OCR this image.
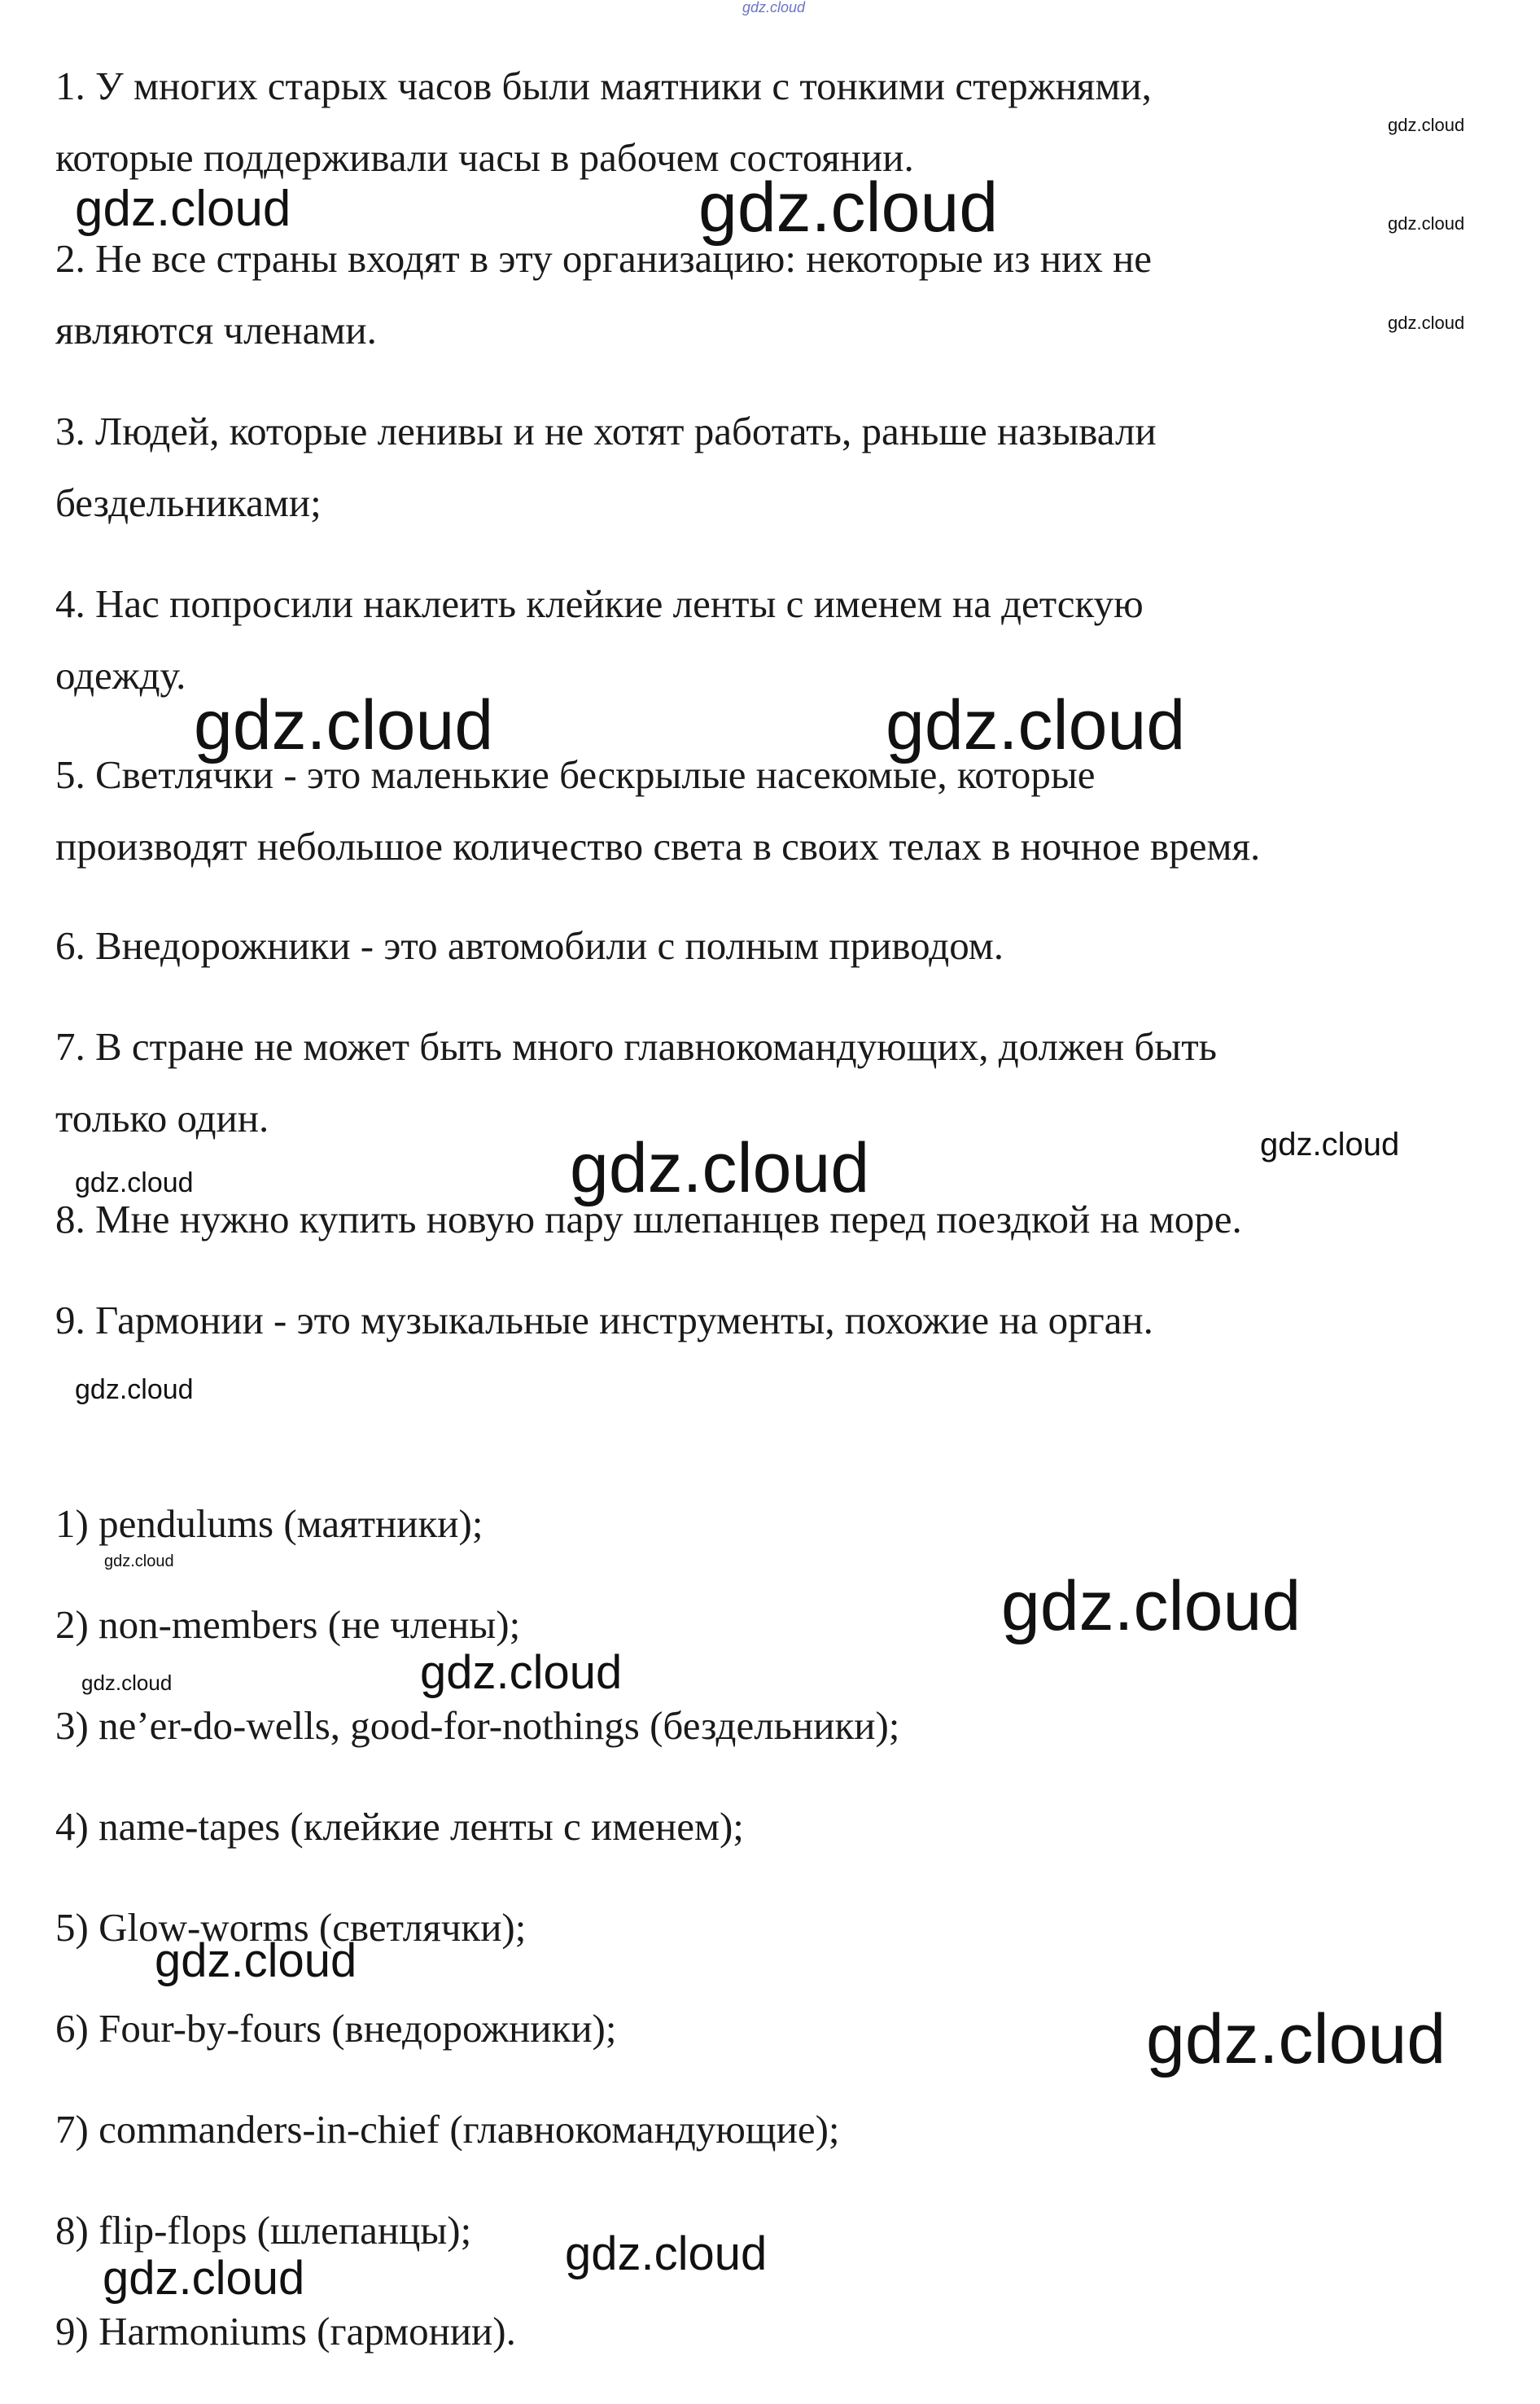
1. У многих старых часов были маятники с тонкими стержнями,
которые поддерживали часы в рабочем состоянии.

2. Не все страны входят в эту организацию: некоторые из них не
являются членами.

3. Людей, которые ленивы и не хотят работать, раньше называли
бездельниками;

4. Нас попросили наклеить клейкие ленты с именем на детскую
одежду.

5. Светлячки - это маленькие бескрылые насекомые, которые
производят небольшое количество света в своих телах в ночное время.

6. Внедорожники - это автомобили с полным приводом.

7. В стране не может быть много главнокомандующих, должен быть
только один.

8. Мне нужно купить новую пару шлепанцев перед поездкой на море.

9. Гармонии - это музыкальные инструменты, похожие на орган.

1) pendulums (маятники);

2) non-members (не члены);

3) ne’er-do-wells, good-for-nothings (бездельники);

4) name-tapes (клейкие ленты с именем);

5) Glow-worms (светлячки);

6) Four-by-fours (внедорожники);

7) commanders-in-chief (главнокомандующие);

8) flip-flops (шлепанцы);

9) Harmoniums (гармонии).

gdz.cloud
gdz.cloud
gdz.cloud
gdz.cloud
gdz.cloud	gdz.cloud
gdz.cloud	gdz.cloud
gdz.cloud	gdz.cloud
gdz.cloud
gdz.cloud
gdz.cloud
gdz.cloud
gdz.cloud	gdz.cloud
gdz.cloud
gdz.cloud
gdz.cloud
gdz.cloud
